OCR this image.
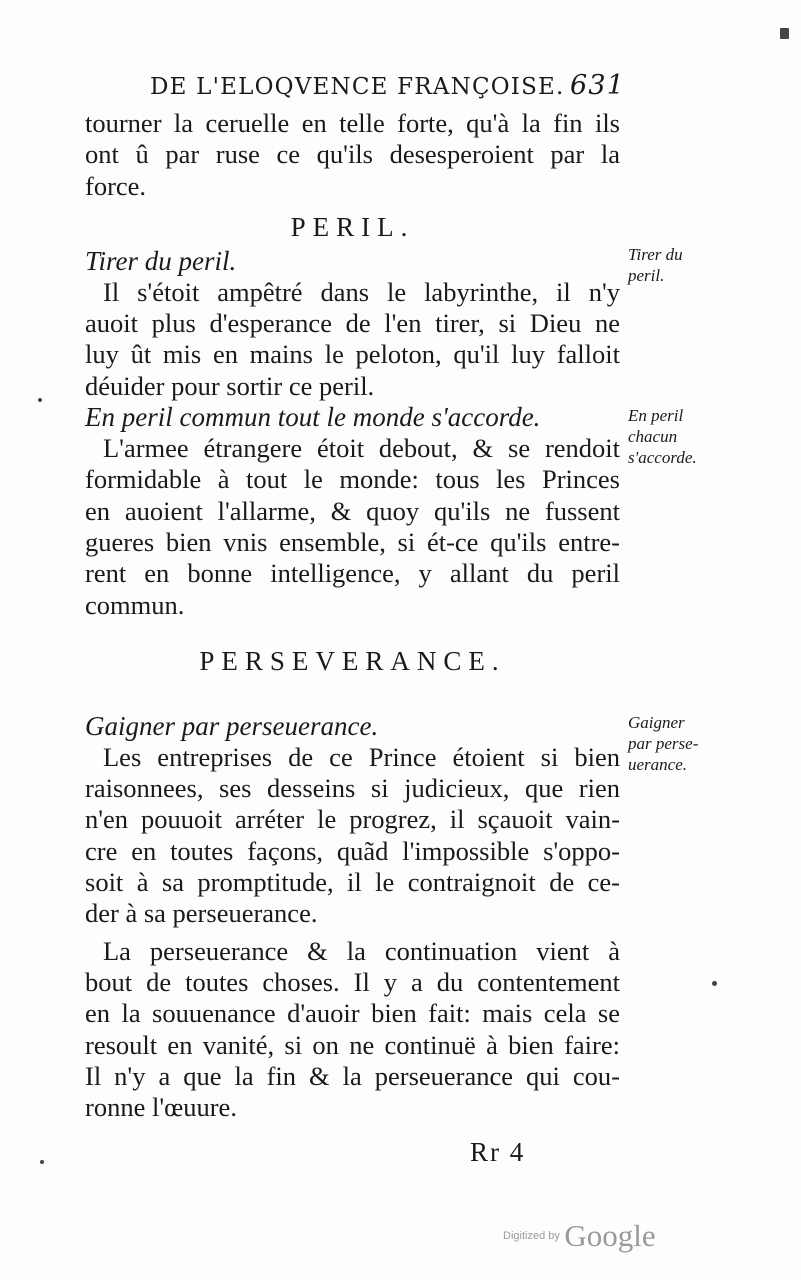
DE L'ELOQVENCE FRANÇOISE. 631
tourner la ceruelle en telle forte, qu'à la fin ils
ont û par ruse ce qu'ils desesperoient par la
force.
PERIL.
Tirer du peril.
Il s'étoit ampêtré dans le labyrinthe, il n'y
auoit plus d'esperance de l'en tirer, si Dieu ne
luy ût mis en mains le peloton, qu'il luy falloit
déuider pour sortir ce peril.
En peril commun tout le monde s'accorde.
L'armee étrangere étoit debout, & se rendoit
formidable à tout le monde: tous les Princes
en auoient l'allarme, & quoy qu'ils ne fussent
gueres bien vnis ensemble, si ét-ce qu'ils entre-
rent en bonne intelligence, y allant du peril
commun.
PERSEVERANCE.
Gaigner par perseuerance.
Les entreprises de ce Prince étoient si bien
raisonnees, ses desseins si judicieux, que rien
n'en pouuoit arréter le progrez, il sçauoit vain-
cre en toutes façons, quãd l'impossible s'oppo-
soit à sa promptitude, il le contraignoit de ce-
der à sa perseuerance.
La perseuerance & la continuation vient à
bout de toutes choses. Il y a du contentement
en la souuenance d'auoir bien fait: mais cela se
resoult en vanité, si on ne continuë à bien faire:
Il n'y a que la fin & la perseuerance qui cou-
ronne l'œuure.
Tirer du
peril.
En peril
chacun
s'accorde.
Gaigner
par perse-
uerance.
Rr 4
Digitized by Google
